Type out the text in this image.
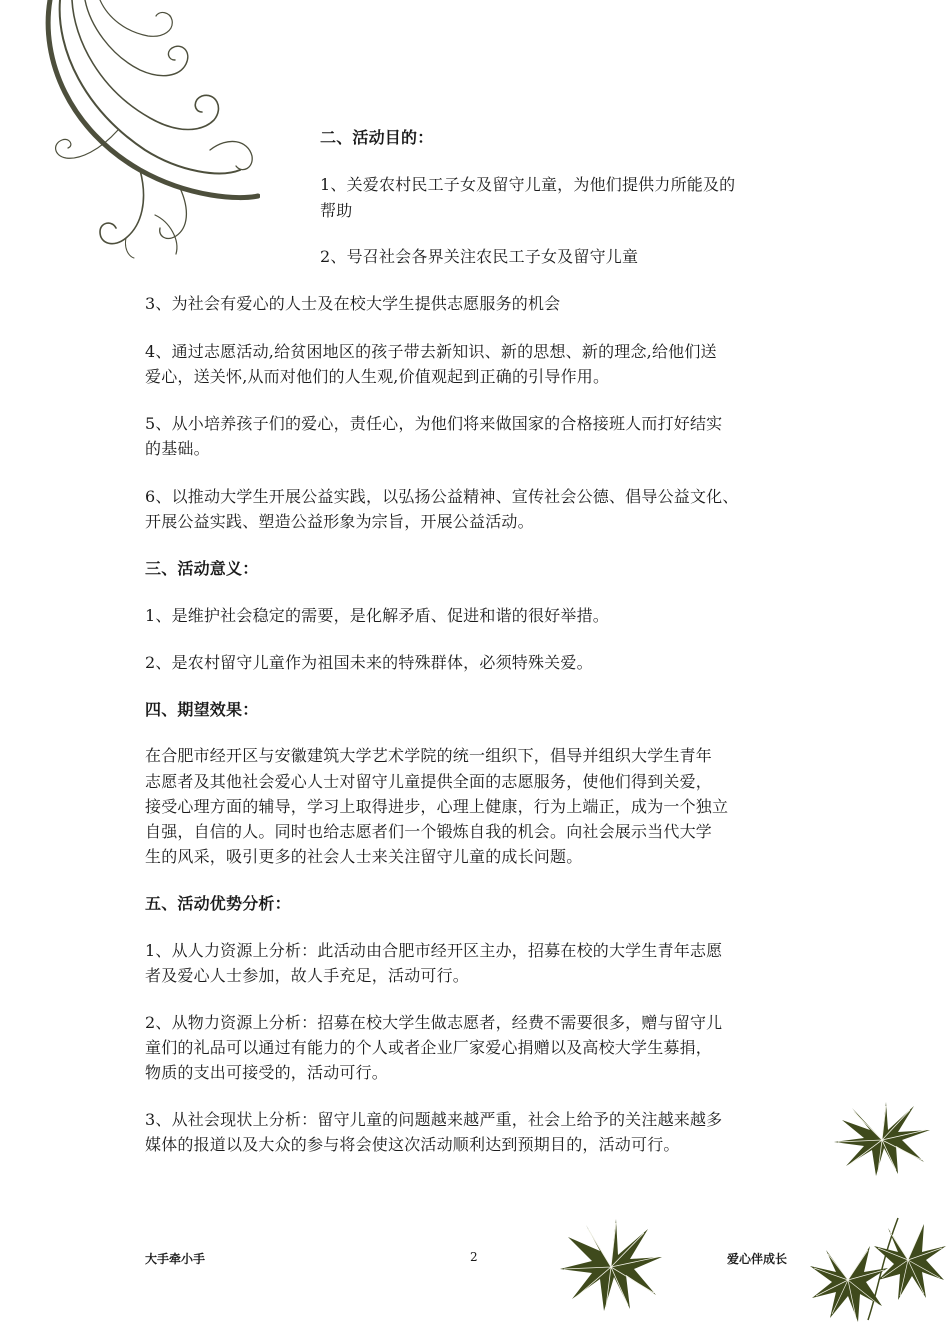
二、活动目的：
1、关爱农村民工子女及留守儿童，为他们提供力所能及的
帮助
2、号召社会各界关注农民工子女及留守儿童
3、为社会有爱心的人士及在校大学生提供志愿服务的机会
4、通过志愿活动,给贫困地区的孩子带去新知识、新的思想、新的理念,给他们送
爱心，送关怀,从而对他们的人生观,价值观起到正确的引导作用。
5、从小培养孩子们的爱心，责任心，为他们将来做国家的合格接班人而打好结实
的基础。
6、以推动大学生开展公益实践，以弘扬公益精神、宣传社会公德、倡导公益文化、
开展公益实践、塑造公益形象为宗旨，开展公益活动。
三、活动意义：
1、是维护社会稳定的需要，是化解矛盾、促进和谐的很好举措。
2、是农村留守儿童作为祖国未来的特殊群体，必须特殊关爱。
四、期望效果：
在合肥市经开区与安徽建筑大学艺术学院的统一组织下，倡导并组织大学生青年
志愿者及其他社会爱心人士对留守儿童提供全面的志愿服务，使他们得到关爱，
接受心理方面的辅导，学习上取得进步，心理上健康，行为上端正，成为一个独立
自强，自信的人。同时也给志愿者们一个锻炼自我的机会。向社会展示当代大学
生的风采，吸引更多的社会人士来关注留守儿童的成长问题。
五、活动优势分析：
1、从人力资源上分析：此活动由合肥市经开区主办，招募在校的大学生青年志愿
者及爱心人士参加，故人手充足，活动可行。
2、从物力资源上分析：招募在校大学生做志愿者，经费不需要很多，赠与留守儿
童们的礼品可以通过有能力的个人或者企业厂家爱心捐赠以及高校大学生募捐，
物质的支出可接受的，活动可行。
3、从社会现状上分析：留守儿童的问题越来越严重，社会上给予的关注越来越多
媒体的报道以及大众的参与将会使这次活动顺利达到预期目的，活动可行。
大手牵小手	2	爱心伴成长
